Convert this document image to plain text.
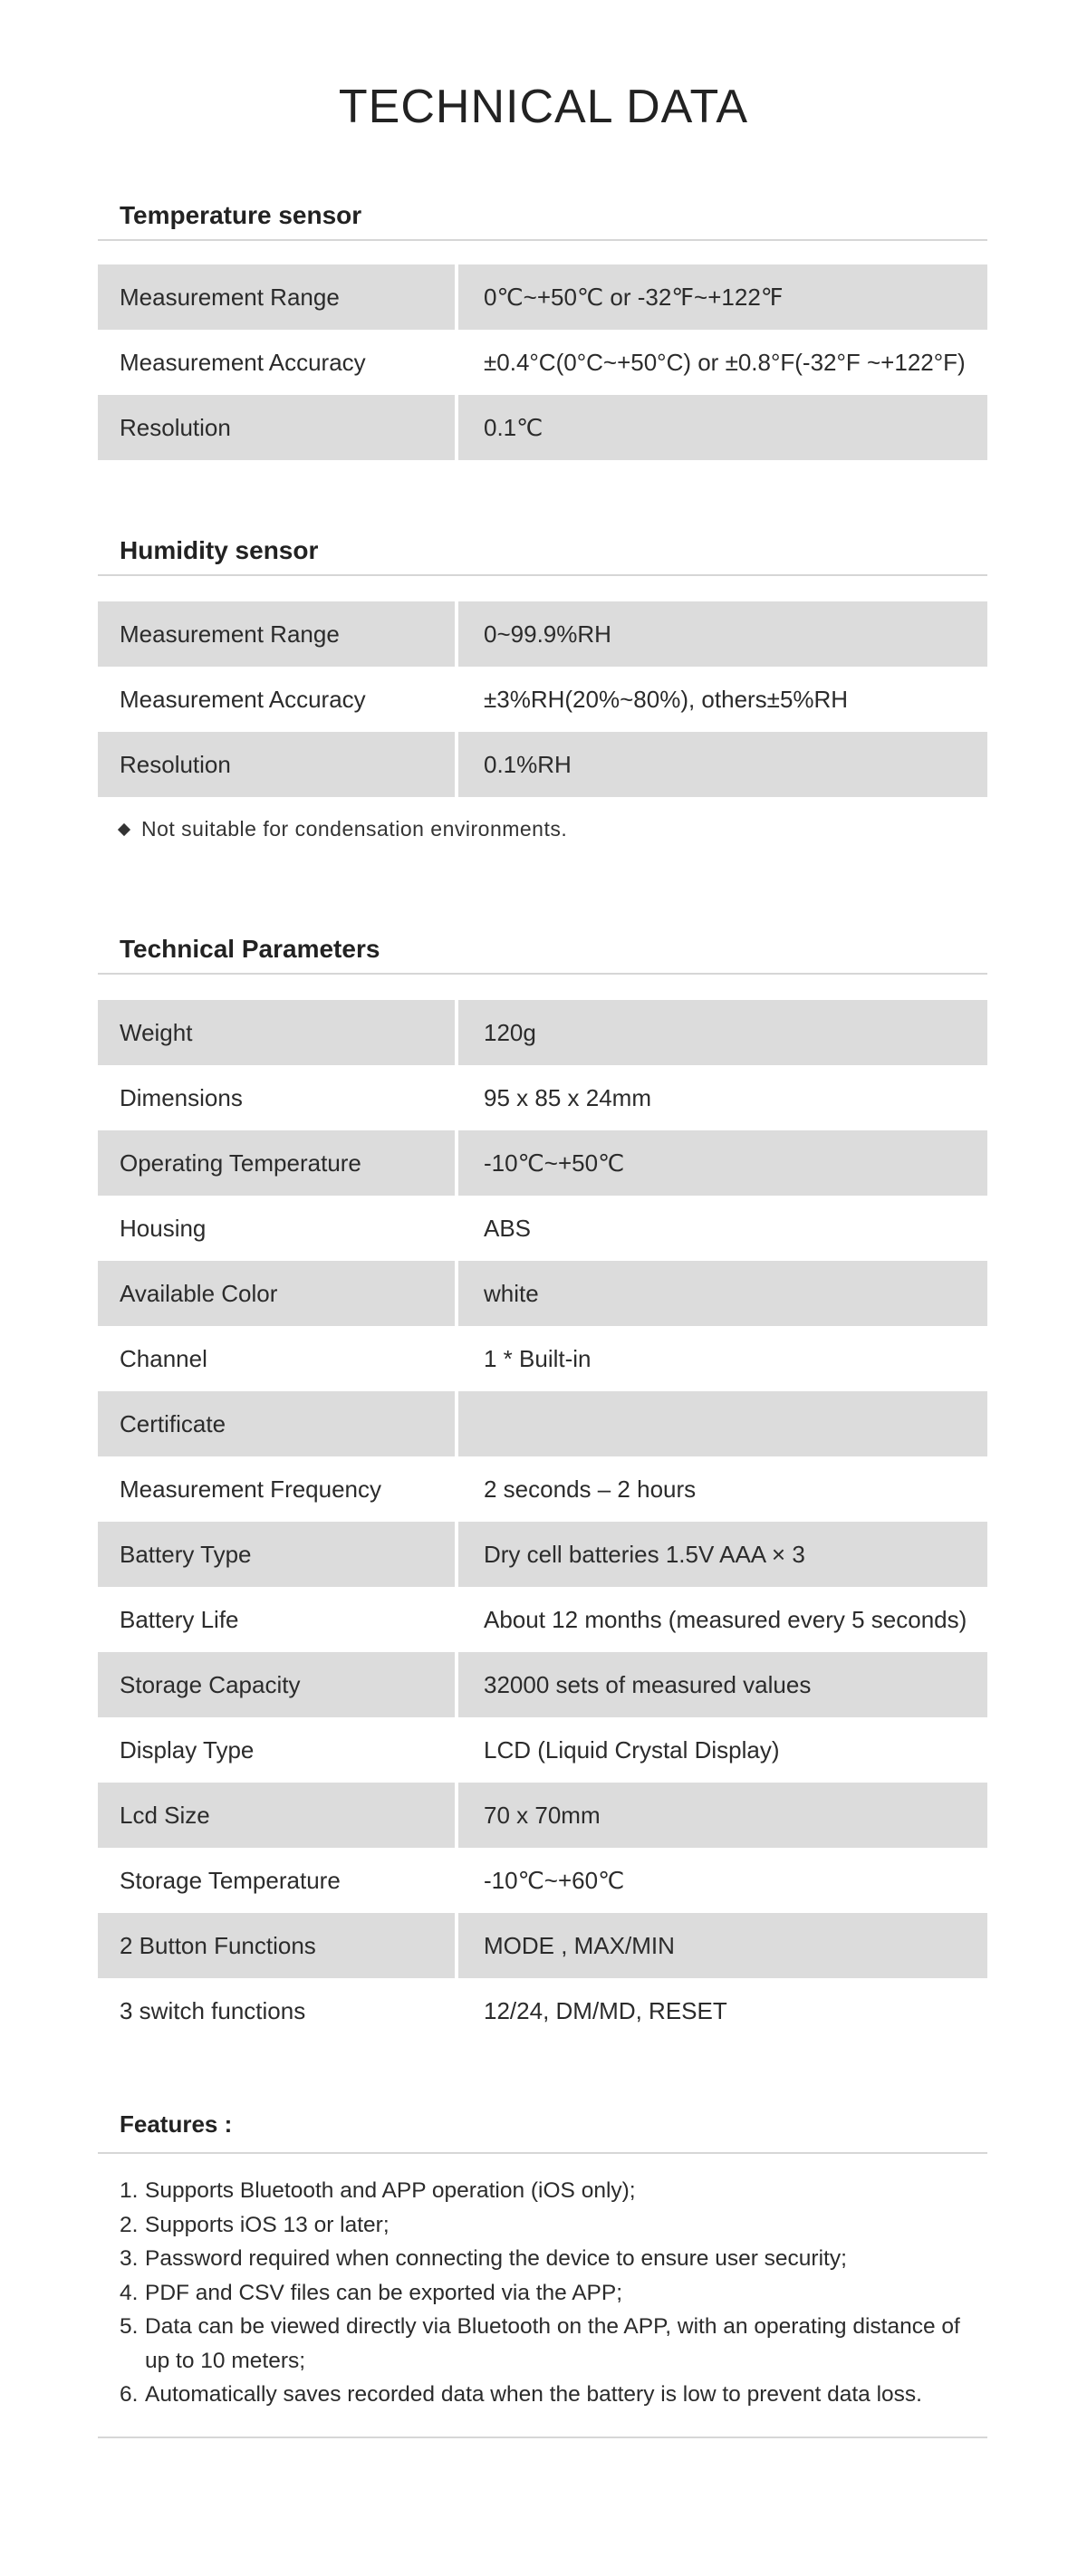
TECHNICAL DATA
Temperature sensor
Measurement Range	0℃~+50℃ or -32℉~+122℉
Measurement Accuracy	±0.4°C(0°C~+50°C) or ±0.8°F(-32°F ~+122°F)
Resolution	0.1℃
Humidity sensor
Measurement Range	0~99.9%RH
Measurement Accuracy	±3%RH(20%~80%), others±5%RH
Resolution	0.1%RH
Not suitable for condensation environments.
Technical Parameters
Weight	120g
Dimensions	95 x 85 x 24mm
Operating Temperature	-10℃~+50℃
Housing	ABS
Available Color	white
Channel	1 * Built-in
Certificate
Measurement Frequency	2 seconds – 2 hours
Battery Type	Dry cell batteries 1.5V AAA × 3
Battery Life	About 12 months (measured every 5 seconds)
Storage Capacity	32000 sets of measured values
Display Type	LCD (Liquid Crystal Display)
Lcd Size	70 x 70mm
Storage Temperature	-10℃~+60℃
2 Button Functions	MODE , MAX/MIN
3 switch functions	12/24, DM/MD, RESET
Features :
1. Supports Bluetooth and APP operation (iOS only);
2. Supports iOS 13 or later;
3. Password required when connecting the device to ensure user security;
4. PDF and CSV files can be exported via the APP;
5. Data can be viewed directly via Bluetooth on the APP, with an operating distance of up to 10 meters;
6. Automatically saves recorded data when the battery is low to prevent data loss.
